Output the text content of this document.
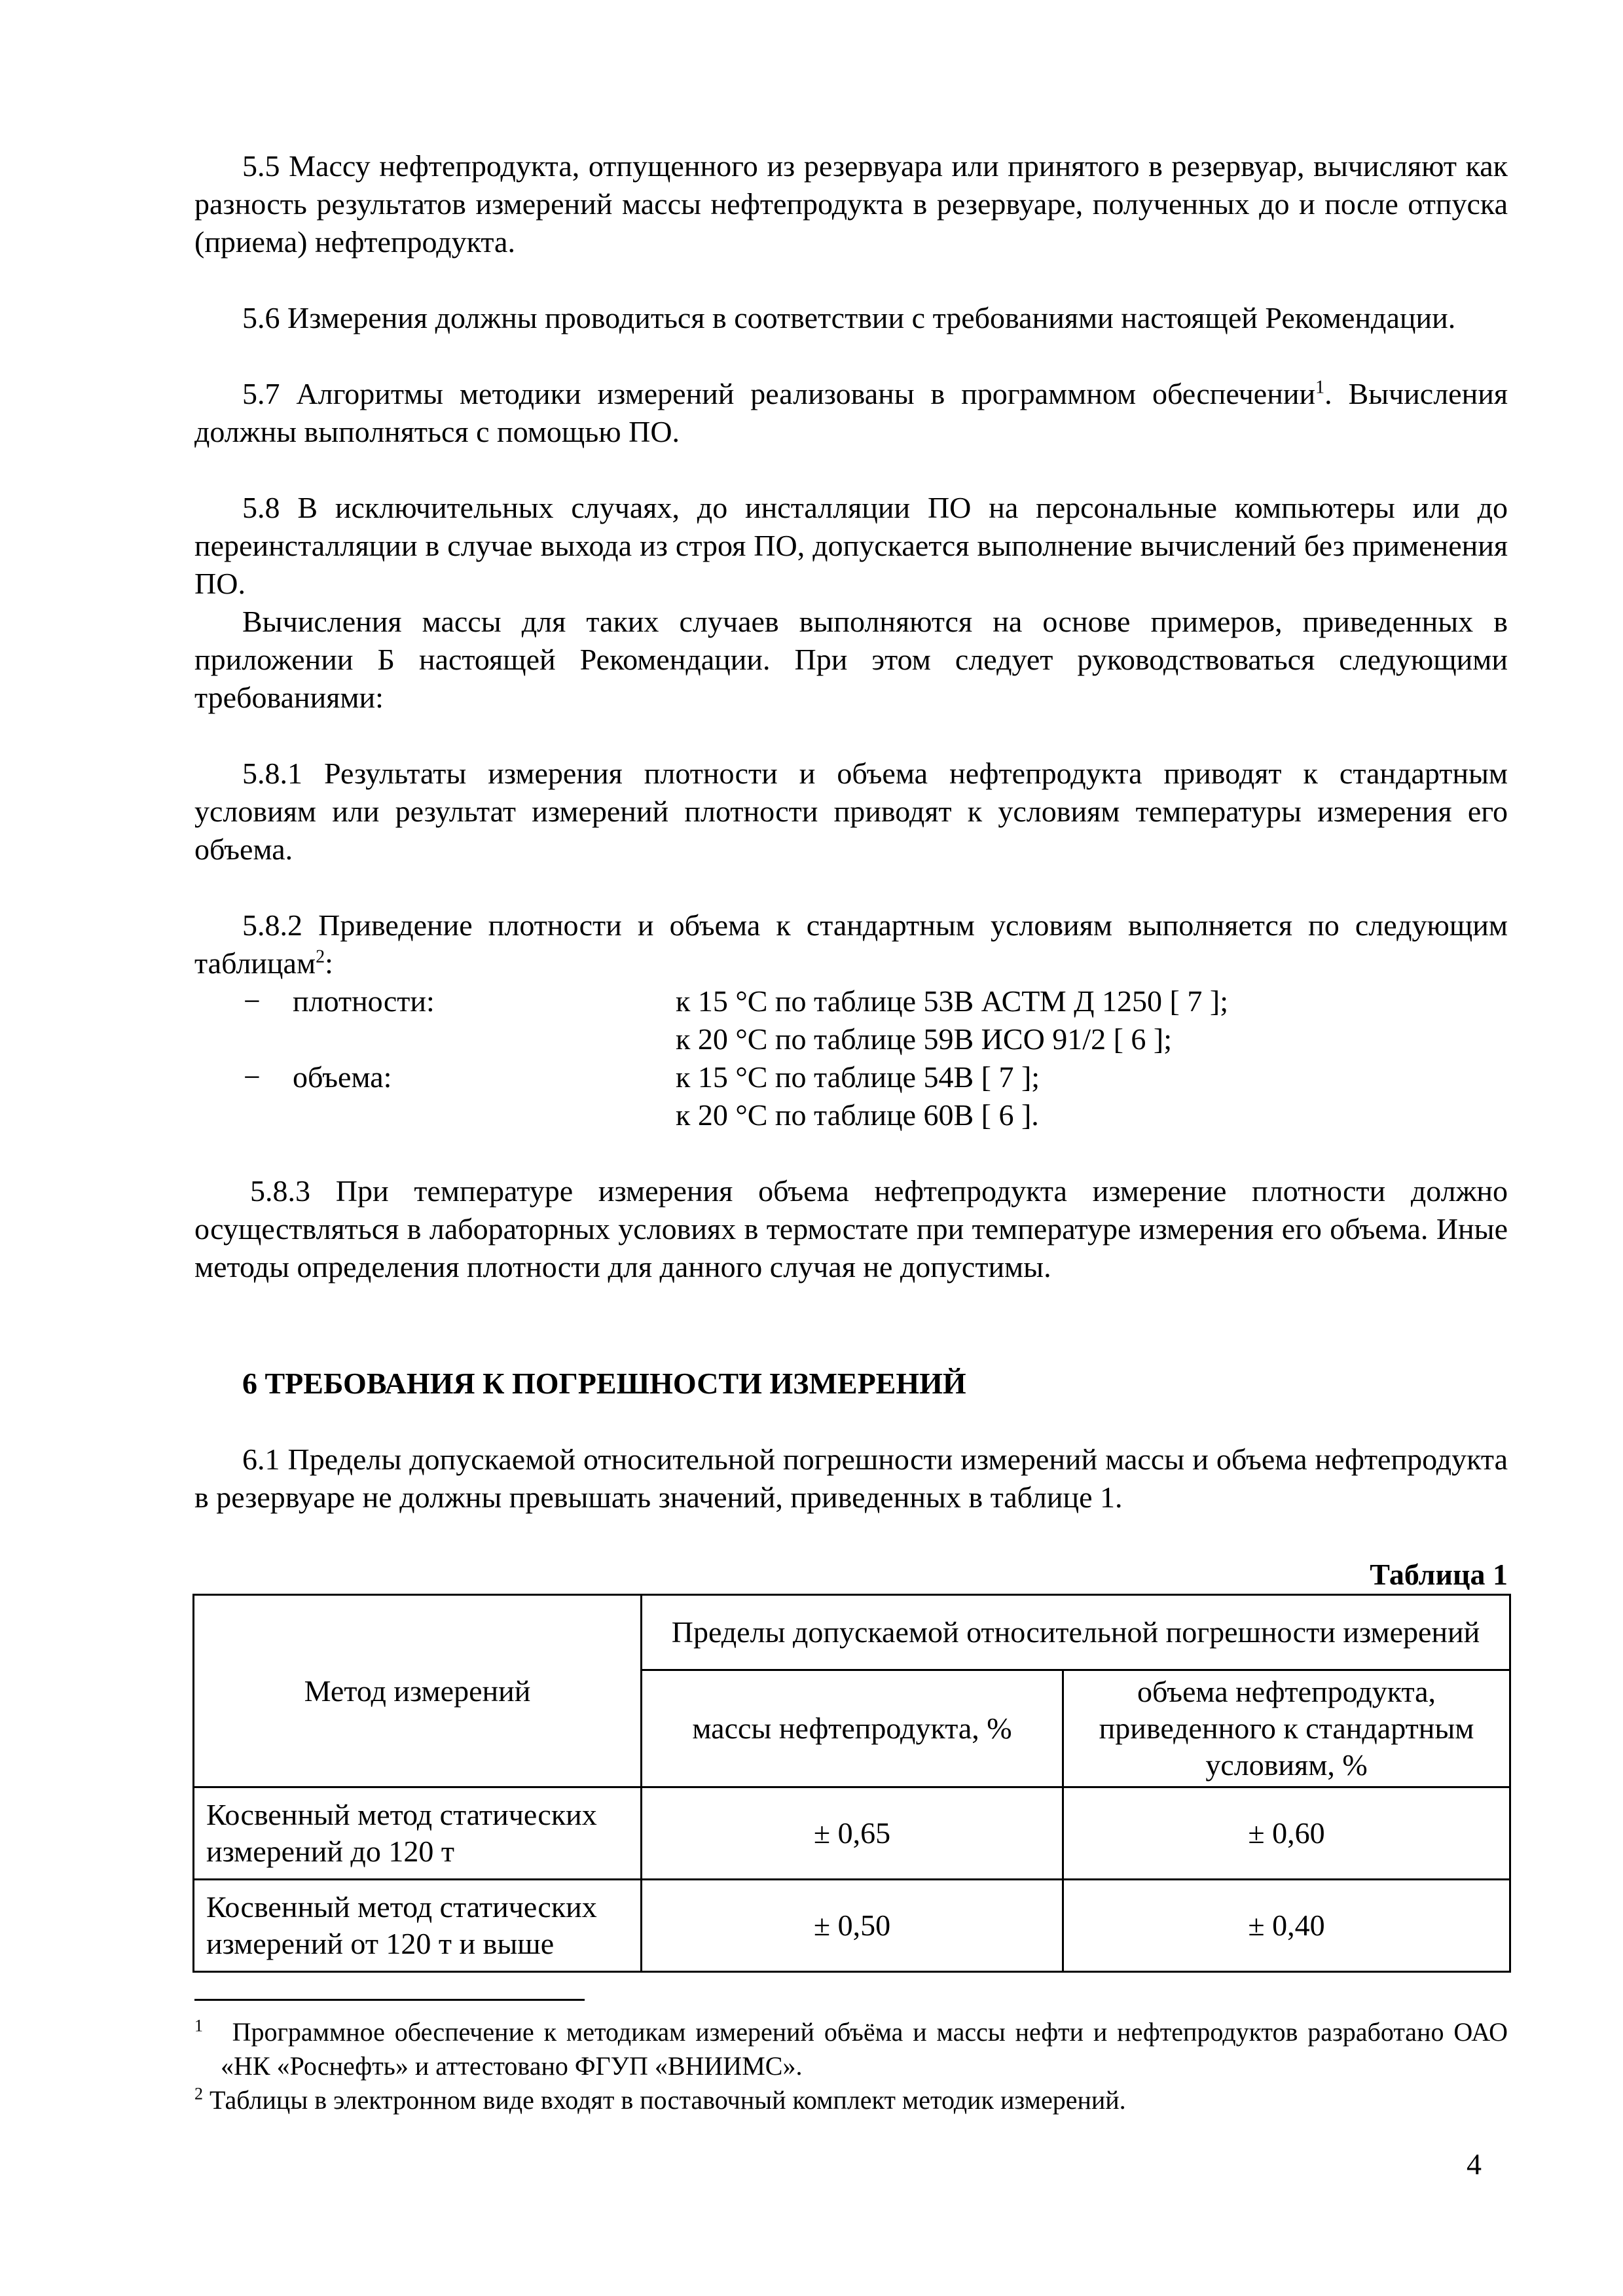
5.5 Массу нефтепродукта, отпущенного из резервуара или принятого в резервуар, вычисляют как разность результатов измерений массы нефтепродукта в резервуаре, полученных до и после отпуска (приема) нефтепродукта.

5.6 Измерения должны проводиться в соответствии с требованиями настоящей Рекомендации.

5.7 Алгоритмы методики измерений реализованы в программном обеспечении$^1$. Вычисления должны выполняться с помощью ПО.

5.8 В исключительных случаях, до инсталляции ПО на персональные компьютеры или до переинсталляции в случае выхода из строя ПО, допускается выполнение вычислений без применения ПО.

Вычисления массы для таких случаев выполняются на основе примеров, приведенных в приложении Б настоящей Рекомендации. При этом следует руководствоваться следующими требованиями:

5.8.1 Результаты измерения плотности и объема нефтепродукта приводят к стандартным условиям или результат измерений плотности приводят к условиям температуры измерения его объема.

5.8.2 Приведение плотности и объема к стандартным условиям выполняется по следующим таблицам$^2$:

−	плотности:	к 15 °С по таблице 53В АСТМ Д 1250 [ 7 ];
к 20 °С по таблице 59В ИСО 91/2 [ 6 ];
−	объема:	к 15 °С по таблице 54В [ 7 ];
к 20 °С по таблице 60В [ 6 ].

5.8.3 При температуре измерения объема нефтепродукта измерение плотности должно осуществляться в лабораторных условиях в термостате при температуре измерения его объема. Иные методы определения плотности для данного случая не допустимы.

6 ТРЕБОВАНИЯ К ПОГРЕШНОСТИ ИЗМЕРЕНИЙ

6.1 Пределы допускаемой относительной погрешности измерений массы и объема нефтепродукта в резервуаре не должны превышать значений, приведенных в таблице 1.

Таблица 1
Метод измерений	Пределы допускаемой относительной погрешности измерений	
	массы нефтепродукта, %	объема нефтепродукта, приведенного к стандартным условиям, %
Косвенный метод статических измерений до 120 т	± 0,65	± 0,60
Косвенный метод статических измерений от 120 т и выше	± 0,50	± 0,40

$^1$ Программное обеспечение к методикам измерений объёма и массы нефти и нефтепродуктов разработано ОАО «НК «Роснефть» и аттестовано ФГУП «ВНИИМС».

$^2$ Таблицы в электронном виде входят в поставочный комплект методик измерений.

4
